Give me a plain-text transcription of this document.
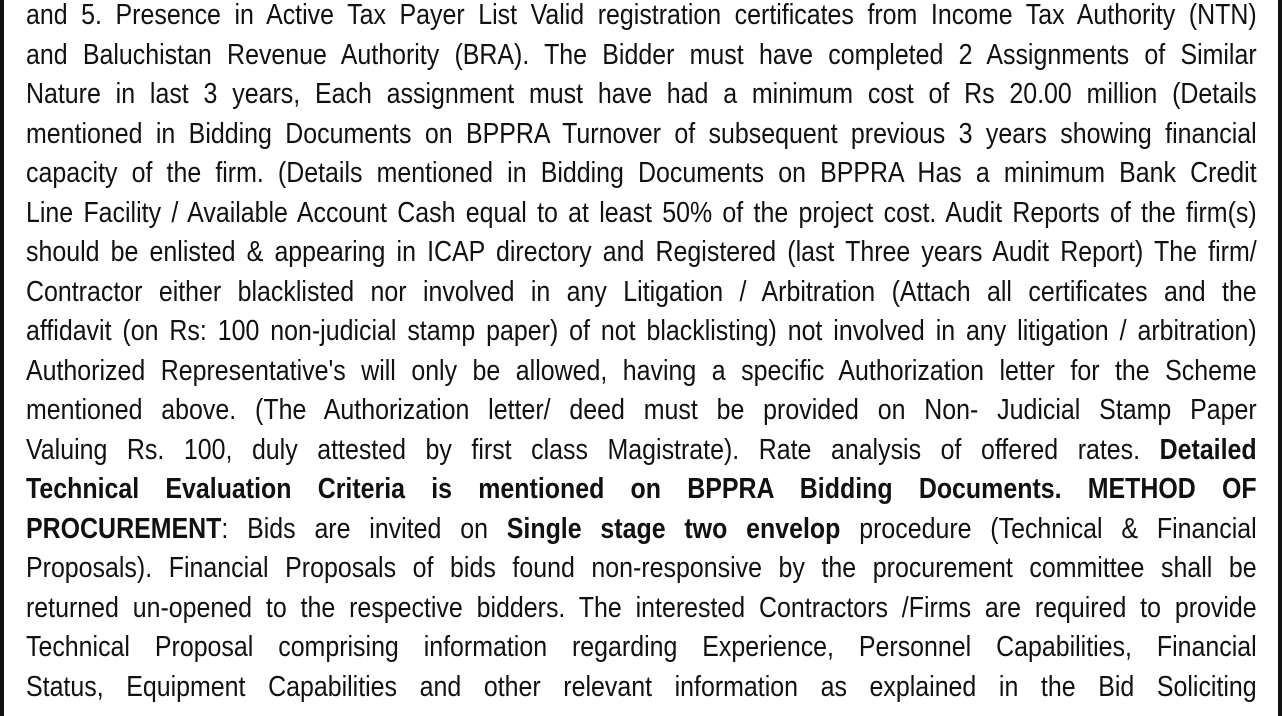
and 5. Presence in Active Tax Payer List Valid registration certificates from Income Tax Authority (NTN)
and Baluchistan Revenue Authority (BRA). The Bidder must have completed 2 Assignments of Similar
Nature in last 3 years, Each assignment must have had a minimum cost of Rs 20.00 million (Details
mentioned in Bidding Documents on BPPRA Turnover of subsequent previous 3 years showing financial
capacity of the firm. (Details mentioned in Bidding Documents on BPPRA Has a minimum Bank Credit
Line Facility / Available Account Cash equal to at least 50% of the project cost. Audit Reports of the firm(s)
should be enlisted & appearing in ICAP directory and Registered (last Three years Audit Report) The firm/
Contractor either blacklisted nor involved in any Litigation / Arbitration (Attach all certificates and the
affidavit (on Rs: 100 non-judicial stamp paper) of not blacklisting) not involved in any litigation / arbitration)
Authorized Representative's will only be allowed, having a specific Authorization letter for the Scheme
mentioned above. (The Authorization letter/ deed must be provided on Non- Judicial Stamp Paper
Valuing Rs. 100, duly attested by first class Magistrate). Rate analysis of offered rates. Detailed
Technical Evaluation Criteria is mentioned on BPPRA Bidding Documents. METHOD OF
PROCUREMENT: Bids are invited on Single stage two envelop procedure (Technical & Financial
Proposals). Financial Proposals of bids found non-responsive by the procurement committee shall be
returned un-opened to the respective bidders. The interested Contractors /Firms are required to provide
Technical Proposal comprising information regarding Experience, Personnel Capabilities, Financial
Status, Equipment Capabilities and other relevant information as explained in the Bid Soliciting
